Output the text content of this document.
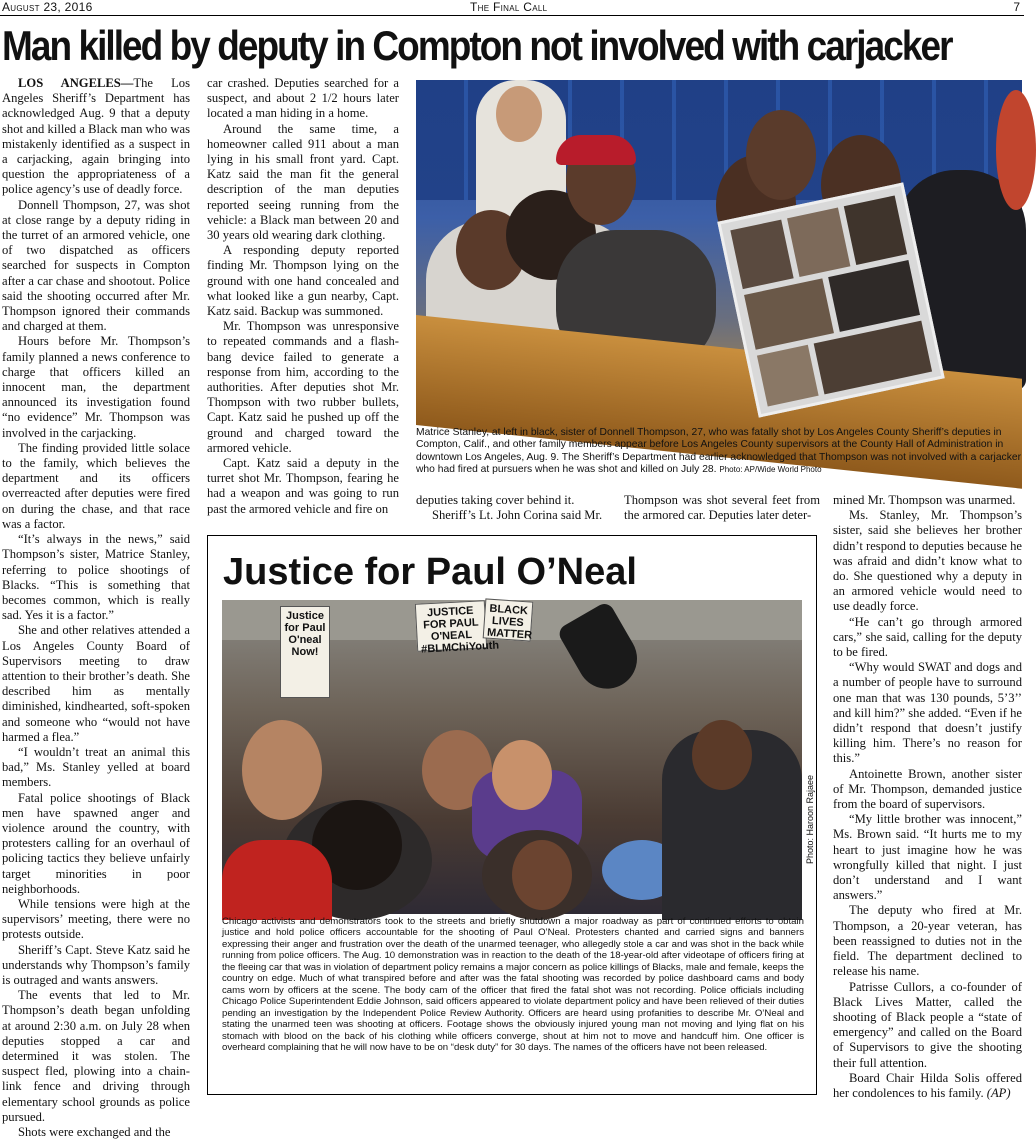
August 23, 2016	The Final Call	7
Man killed by deputy in Compton not involved with carjacker

LOS ANGELES—The Los Angeles Sheriff’s Department has acknowledged Aug. 9 that a deputy shot and killed a Black man who was mistakenly identified as a suspect in a carjacking, again bringing into question the appropriateness of a police agency’s use of deadly force.

Donnell Thompson, 27, was shot at close range by a deputy riding in the turret of an armored vehicle, one of two dispatched as officers searched for suspects in Compton after a car chase and shootout. Police said the shooting occurred after Mr. Thompson ignored their commands and charged at them.

Hours before Mr. Thompson’s family planned a news conference to charge that officers killed an innocent man, the department announced its investigation found “no evidence” Mr. Thompson was involved in the carjacking.

The finding provided little solace to the family, which believes the department and its officers overreacted after deputies were fired on during the chase, and that race was a factor.

“It’s always in the news,” said Thompson’s sister, Matrice Stanley, referring to police shootings of Blacks. “This is something that becomes common, which is really sad. Yes it is a factor.”

She and other relatives attended a Los Angeles County Board of Supervisors meeting to draw attention to their brother’s death. She described him as mentally diminished, kindhearted, soft-spoken and someone who “would not have harmed a flea.”

“I wouldn’t treat an animal this bad,” Ms. Stanley yelled at board members.

Fatal police shootings of Black men have spawned anger and violence around the country, with protesters calling for an overhaul of policing tactics they believe unfairly target minorities in poor neighborhoods.

While tensions were high at the supervisors’ meeting, there were no protests outside.

Sheriff’s Capt. Steve Katz said he understands why Thompson’s family is outraged and wants answers.

The events that led to Mr. Thompson’s death began unfolding at around 2:30 a.m. on July 28 when deputies stopped a car and determined it was stolen. The suspect fled, plowing into a chain-link fence and driving through elementary school grounds as police pursued.

Shots were exchanged and the

car crashed. Deputies searched for a suspect, and about 2 1/2 hours later located a man hiding in a home.

Around the same time, a homeowner called 911 about a man lying in his small front yard. Capt. Katz said the man fit the general description of the man deputies reported seeing running from the vehicle: a Black man between 20 and 30 years old wearing dark clothing.

A responding deputy reported finding Mr. Thompson lying on the ground with one hand concealed and what looked like a gun nearby, Capt. Katz said. Backup was summoned.

Mr. Thompson was unresponsive to repeated commands and a flash-bang device failed to generate a response from him, according to the authorities. After deputies shot Mr. Thompson with two rubber bullets, Capt. Katz said he pushed up off the ground and charged toward the armored vehicle.

Capt. Katz said a deputy in the turret shot Mr. Thompson, fearing he had a weapon and was going to run past the armored vehicle and fire on

Matrice Stanley, at left in black, sister of Donnell Thompson, 27, who was fatally shot by Los Angeles County Sheriff’s deputies in Compton, Calif., and other family members appear before Los Angeles County supervisors at the County Hall of Administration in downtown Los Angeles, Aug. 9. The Sheriff’s Department had earlier acknowledged that Thompson was not involved with a carjacker who had fired at pursuers when he was shot and killed on July 28. Photo: AP/Wide World Photo

deputies taking cover behind it.

Sheriff’s Lt. John Corina said Mr.

Thompson was shot several feet from the armored car. Deputies later deter-

mined Mr. Thompson was unarmed.

Ms. Stanley, Mr. Thompson’s sister, said she believes her brother didn’t respond to deputies because he was afraid and didn’t know what to do. She questioned why a deputy in an armored vehicle would need to use deadly force.

“He can’t go through armored cars,” she said, calling for the deputy to be fired.

“Why would SWAT and dogs and a number of people have to surround one man that was 130 pounds, 5’3’’ and kill him?” she added. “Even if he didn’t respond that doesn’t justify killing him. There’s no reason for this.”

Antoinette Brown, another sister of Mr. Thompson, demanded justice from the board of supervisors.

“My little brother was innocent,” Ms. Brown said. “It hurts me to my heart to just imagine how he was wrongfully killed that night. I just don’t understand and I want answers.”

The deputy who fired at Mr. Thompson, a 20-year veteran, has been reassigned to duties not in the field. The department declined to release his name.

Patrisse Cullors, a co-founder of Black Lives Matter, called the shooting of Black people a “state of emergency” and called on the Board of Supervisors to give the shooting their full attention.

Board Chair Hilda Solis offered her condolences to his family. (AP)

Justice for Paul O’Neal
Justice for Paul O'neal Now!
JUSTICE FOR PAUL O'NEAL #BLMChiYouth
BLACK LIVES MATTER
Photo: Haroon Rajaee
Chicago activists and demonstrators took to the streets and briefly shutdown a major roadway as part of continued efforts to obtain justice and hold police officers accountable for the shooting of Paul O’Neal. Protesters chanted and carried signs and banners expressing their anger and frustration over the death of the unarmed teenager, who allegedly stole a car and was shot in the back while running from police officers. The Aug. 10 demonstration was in reaction to the death of the 18-year-old after videotape of officers firing at the fleeing car that was in violation of department policy remains a major concern as police killings of Blacks, male and female, keeps the country on edge. Much of what transpired before and after was the fatal shooting was recorded by police dashboard cams and body cams worn by officers at the scene. The body cam of the officer that fired the fatal shot was not recording. Police officials including Chicago Police Superintendent Eddie Johnson, said officers appeared to violate department policy and have been relieved of their duties pending an investigation by the Independent Police Review Authority. Officers are heard using profanities to describe Mr. O’Neal and stating the unarmed teen was shooting at officers. Footage shows the obviously injured young man not moving and lying flat on his stomach with blood on the back of his clothing while officers converge, shout at him not to move and handcuff him. One officer is overheard complaining that he will now have to be on “desk duty” for 30 days. The names of the officers have not been released.
